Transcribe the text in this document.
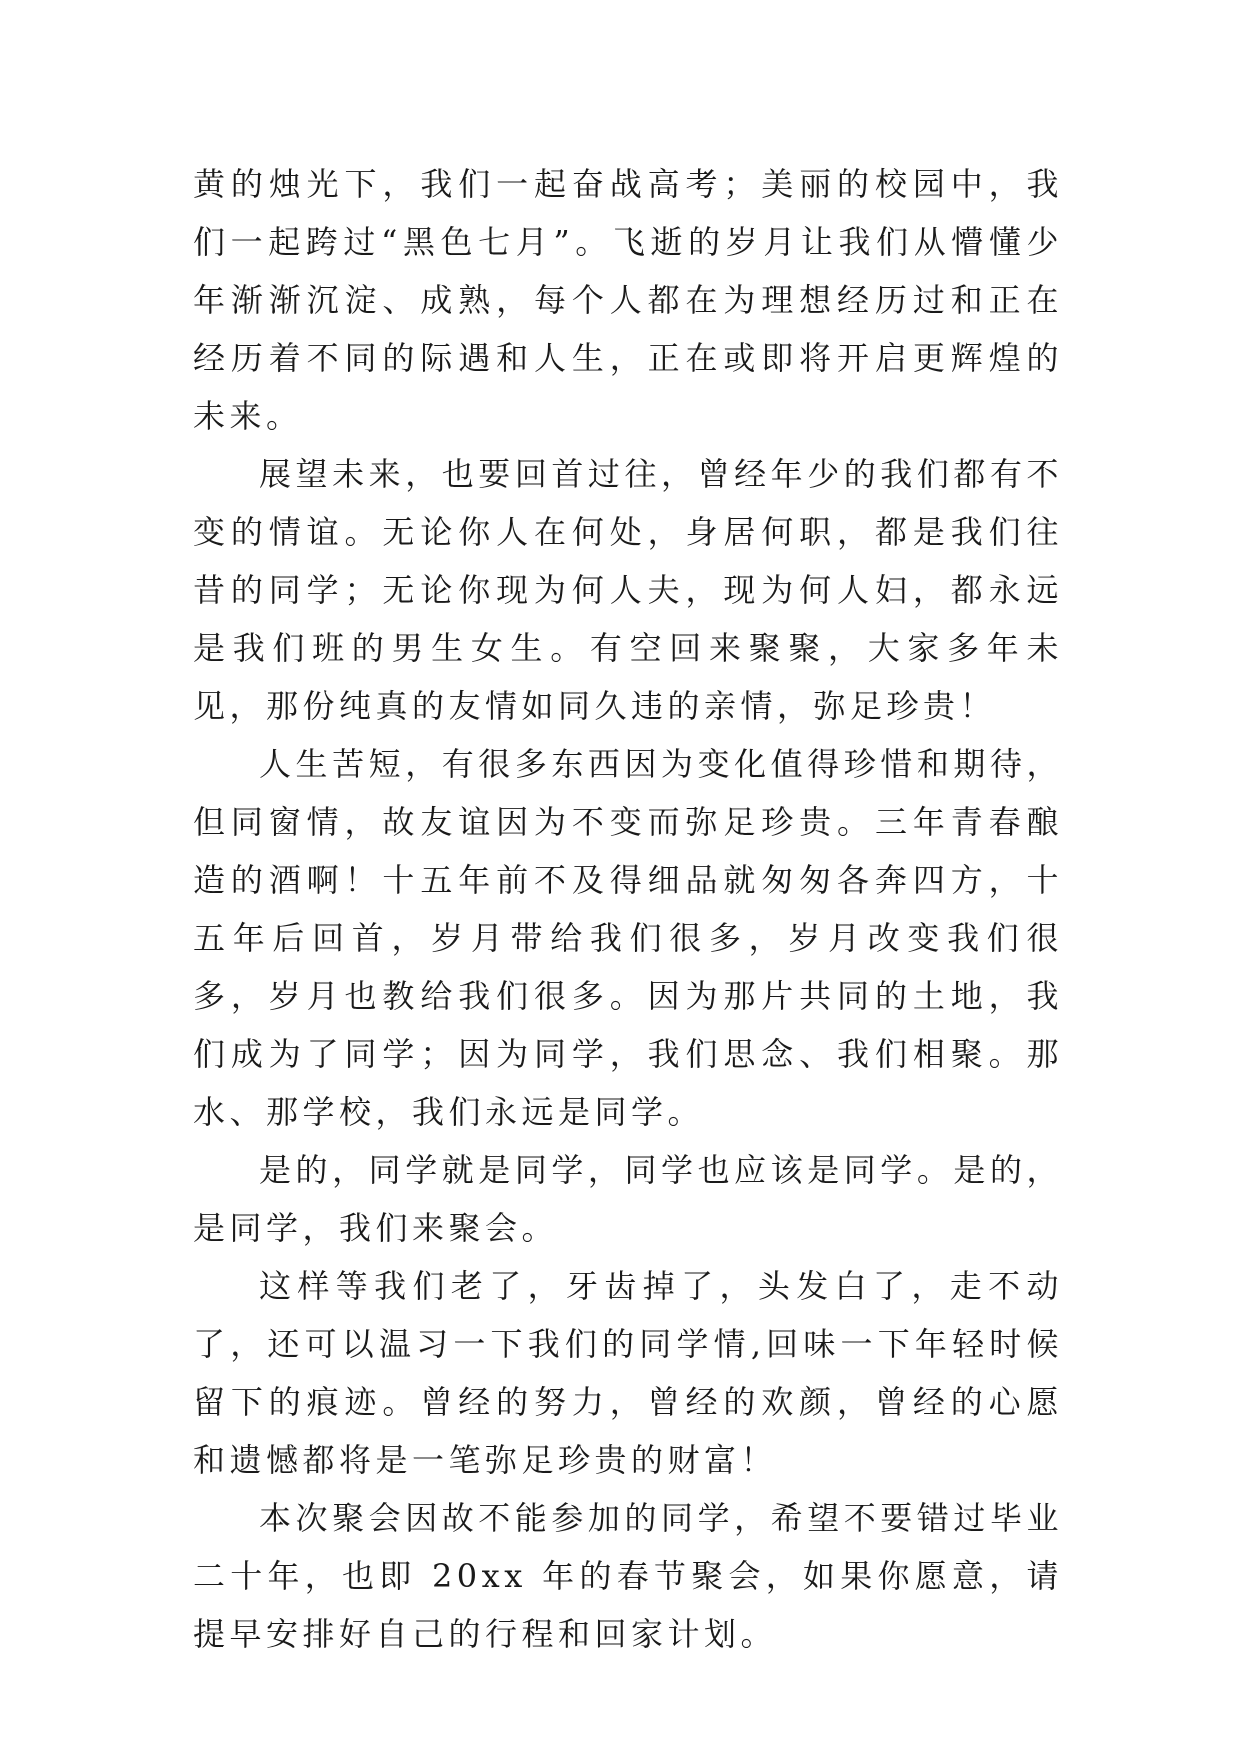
黄的烛光下，我们一起奋战高考；美丽的校园中，我们一起跨过“黑色七月”。飞逝的岁月让我们从懵懂少年渐渐沉淀、成熟，每个人都在为理想经历过和正在经历着不同的际遇和人生，正在或即将开启更辉煌的未来。

展望未来，也要回首过往，曾经年少的我们都有不变的情谊。无论你人在何处，身居何职，都是我们往昔的同学；无论你现为何人夫，现为何人妇，都永远是我们班的男生女生。有空回来聚聚，大家多年未见，那份纯真的友情如同久违的亲情，弥足珍贵！

人生苦短，有很多东西因为变化值得珍惜和期待，但同窗情，故友谊因为不变而弥足珍贵。三年青春酿造的酒啊！十五年前不及得细品就匆匆各奔四方，十五年后回首，岁月带给我们很多，岁月改变我们很多，岁月也教给我们很多。因为那片共同的土地，我们成为了同学；因为同学，我们思念、我们相聚。那水、那学校，我们永远是同学。

是的，同学就是同学，同学也应该是同学。是的，是同学，我们来聚会。

这样等我们老了，牙齿掉了，头发白了，走不动了，还可以温习一下我们的同学情,回味一下年轻时候留下的痕迹。曾经的努力，曾经的欢颜，曾经的心愿和遗憾都将是一笔弥足珍贵的财富！

本次聚会因故不能参加的同学，希望不要错过毕业二十年，也即 20xx 年的春节聚会，如果你愿意，请提早安排好自己的行程和回家计划。
